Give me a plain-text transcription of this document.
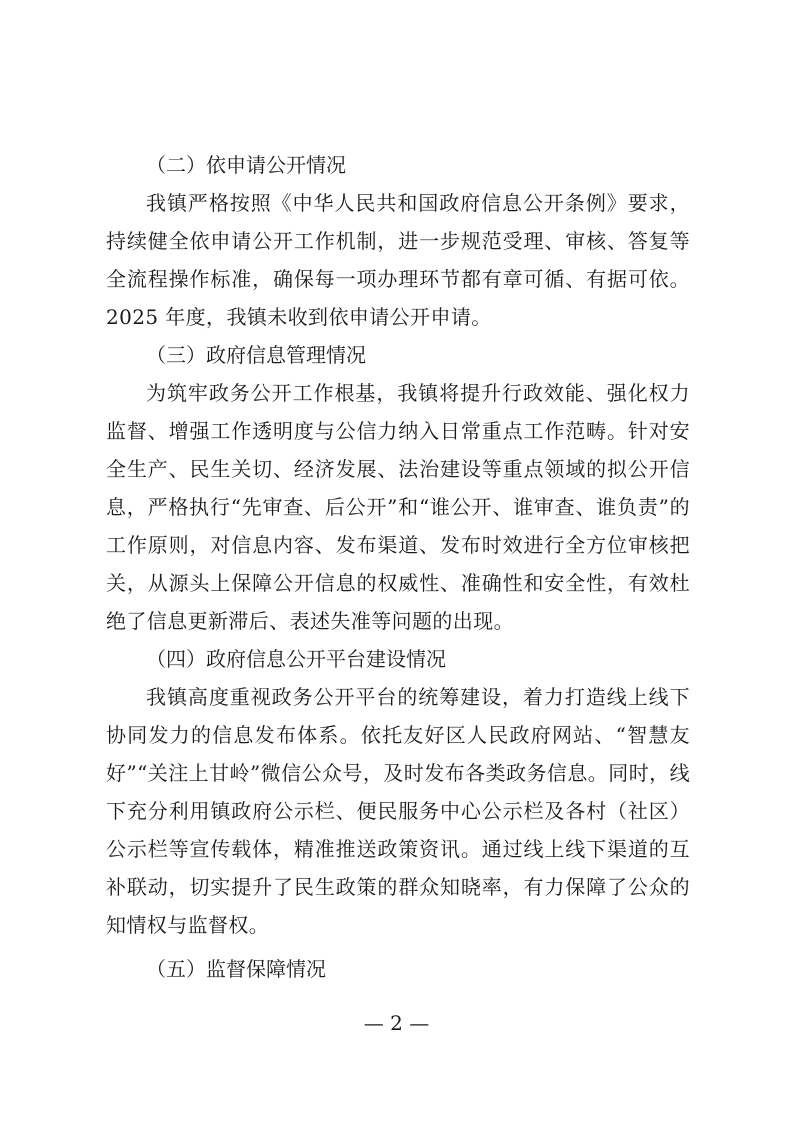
（二）依申请公开情况

我镇严格按照《中华人民共和国政府信息公开条例》要求，持续健全依申请公开工作机制，进一步规范受理、审核、答复等全流程操作标准，确保每一项办理环节都有章可循、有据可依。2025 年度，我镇未收到依申请公开申请。

（三）政府信息管理情况

为筑牢政务公开工作根基，我镇将提升行政效能、强化权力监督、增强工作透明度与公信力纳入日常重点工作范畴。针对安全生产、民生关切、经济发展、法治建设等重点领域的拟公开信息，严格执行“先审查、后公开”和“谁公开、谁审查、谁负责”的工作原则，对信息内容、发布渠道、发布时效进行全方位审核把关，从源头上保障公开信息的权威性、准确性和安全性，有效杜绝了信息更新滞后、表述失准等问题的出现。

（四）政府信息公开平台建设情况

我镇高度重视政务公开平台的统筹建设，着力打造线上线下协同发力的信息发布体系。依托友好区人民政府网站、“智慧友好”“关注上甘岭”微信公众号，及时发布各类政务信息。同时，线下充分利用镇政府公示栏、便民服务中心公示栏及各村（社区）公示栏等宣传载体，精准推送政策资讯。通过线上线下渠道的互补联动，切实提升了民生政策的群众知晓率，有力保障了公众的知情权与监督权。

（五）监督保障情况

— 2 —
